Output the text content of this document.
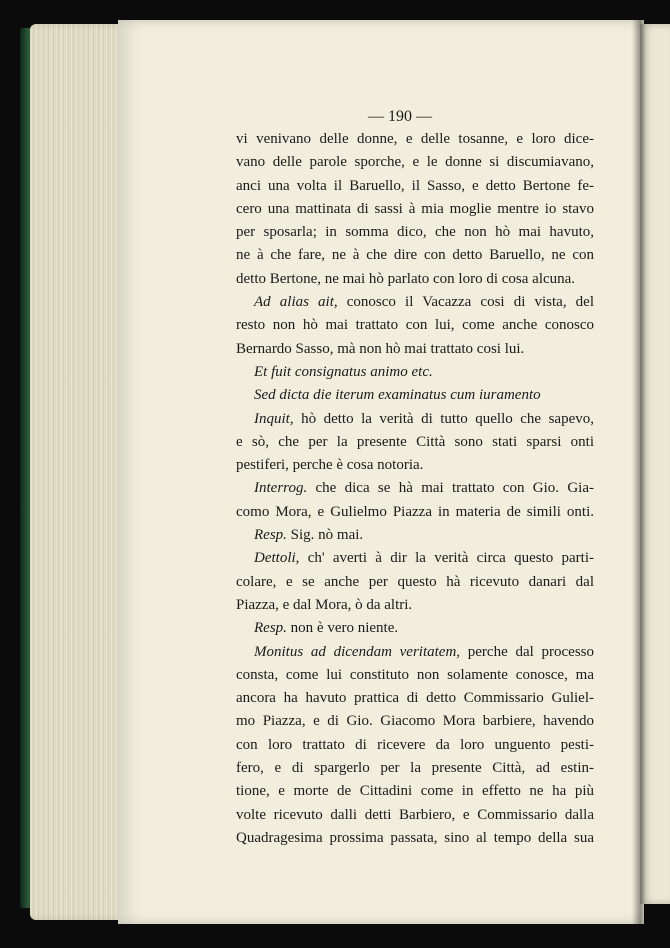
— 190 —
vi venivano delle donne, e delle tosanne, e loro dice-
vano delle parole sporche, e le donne si discumiavano,
anci una volta il Baruello, il Sasso, e detto Bertone fe-
cero una mattinata di sassi à mia moglie mentre io stavo
per sposarla; in somma dico, che non hò mai havuto,
ne à che fare, ne à che dire con detto Baruello, ne con
detto Bertone, ne mai hò parlato con loro di cosa alcuna.
Ad alias ait, conosco il Vacazza cosi di vista, del
resto non hò mai trattato con lui, come anche conosco
Bernardo Sasso, mà non hò mai trattato cosi lui.
Et fuit consignatus animo etc.
Sed dicta die iterum examinatus cum iuramento
Inquit, hò detto la verità di tutto quello che sapevo,
e sò, che per la presente Città sono stati sparsi onti
pestiferi, perche è cosa notoria.
Interrog. che dica se hà mai trattato con Gio. Gia-
como Mora, e Gulielmo Piazza in materia de simili onti.
Resp. Sig. nò mai.
Dettoli, ch' averti à dir la verità circa questo parti-
colare, e se anche per questo hà ricevuto danari dal
Piazza, e dal Mora, ò da altri.
Resp. non è vero niente.
Monitus ad dicendam veritatem, perche dal processo
consta, come lui constituto non solamente conosce, ma
ancora ha havuto prattica di detto Commissario Guliel-
mo Piazza, e di Gio. Giacomo Mora barbiere, havendo
con loro trattato di ricevere da loro unguento pesti-
fero, e di spargerlo per la presente Città, ad estin-
tione, e morte de Cittadini come in effetto ne ha più
volte ricevuto dalli detti Barbiero, e Commissario dalla
Quadragesima prossima passata, sino al tempo della sua
